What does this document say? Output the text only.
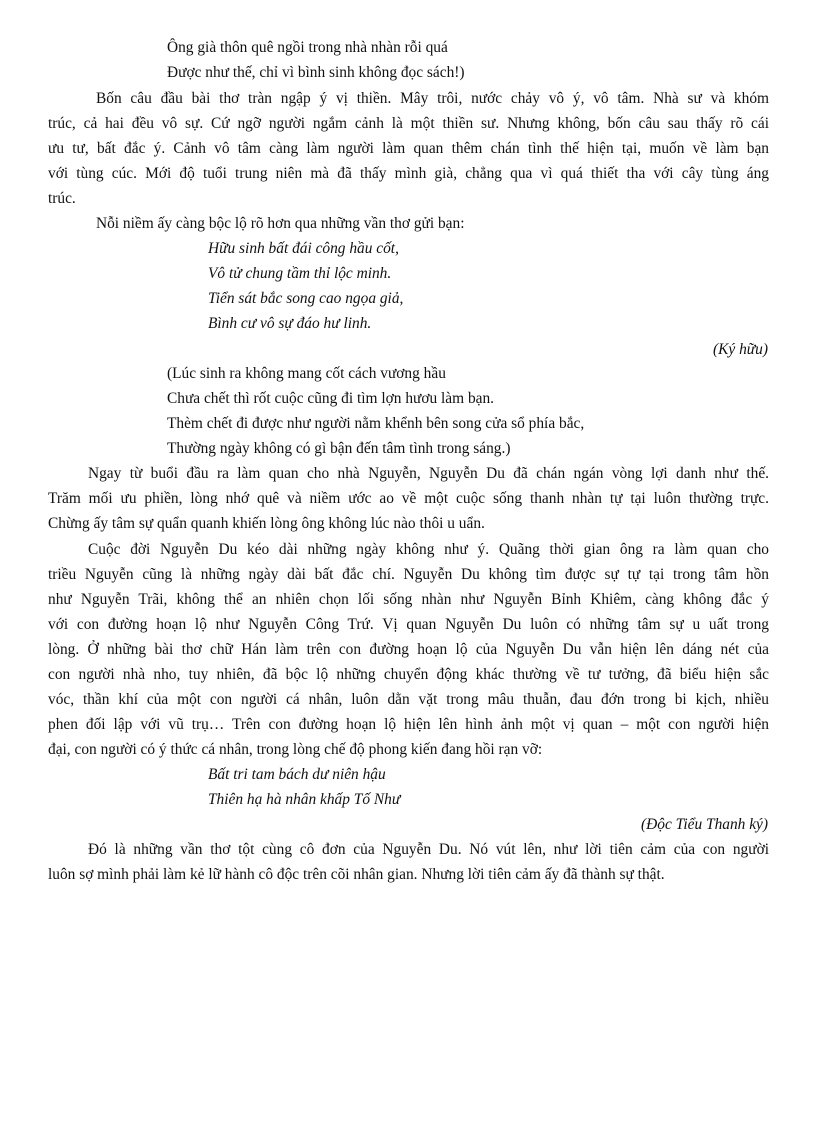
Ông già thôn quê ngồi trong nhà nhàn rỗi quá
Được như thế, chỉ vì bình sinh không đọc sách!)
Bốn câu đầu bài thơ tràn ngập ý vị thiền. Mây trôi, nước chảy vô ý, vô tâm. Nhà sư và khóm
trúc, cả hai đều vô sự. Cứ ngỡ người ngắm cảnh là một thiền sư. Nhưng không, bốn câu sau thấy rõ cái
ưu tư, bất đắc ý. Cảnh vô tâm càng làm người làm quan thêm chán tình thế hiện tại, muốn về làm bạn
với tùng cúc. Mới độ tuổi trung niên mà đã thấy mình già, chẳng qua vì quá thiết tha với cây tùng áng
trúc.
Nỗi niềm ấy càng bộc lộ rõ hơn qua những vần thơ gửi bạn:
Hữu sinh bất đái công hầu cốt,
Vô tử chung tầm thỉ lộc minh.
Tiển sát bắc song cao ngọa giả,
Bình cư vô sự đáo hư linh.
(Ký hữu)
(Lúc sinh ra không mang cốt cách vương hầu
Chưa chết thì rốt cuộc cũng đi tìm lợn hươu làm bạn.
Thèm chết đi được như người nằm khểnh bên song cửa sổ phía bắc,
Thường ngày không có gì bận đến tâm tình trong sáng.)
Ngay từ buổi đầu ra làm quan cho nhà Nguyễn, Nguyễn Du đã chán ngán vòng lợi danh như thế.
Trăm mối ưu phiền, lòng nhớ quê và niềm ước ao về một cuộc sống thanh nhàn tự tại luôn thường trực.
Chừng ấy tâm sự quẩn quanh khiến lòng ông không lúc nào thôi u uẩn.
Cuộc đời Nguyễn Du kéo dài những ngày không như ý. Quãng thời gian ông ra làm quan cho
triều Nguyễn cũng là những ngày dài bất đắc chí. Nguyễn Du không tìm được sự tự tại trong tâm hồn
như Nguyễn Trãi, không thể an nhiên chọn lối sống nhàn như Nguyễn Bỉnh Khiêm, càng không đắc ý
với con đường hoạn lộ như Nguyễn Công Trứ. Vị quan Nguyễn Du luôn có những tâm sự u uất trong
lòng. Ở những bài thơ chữ Hán làm trên con đường hoạn lộ của Nguyễn Du vẫn hiện lên dáng nét của
con người nhà nho, tuy nhiên, đã bộc lộ những chuyển động khác thường về tư tưởng, đã biểu hiện sắc
vóc, thần khí của một con người cá nhân, luôn dằn vặt trong mâu thuẫn, đau đớn trong bi kịch, nhiều
phen đối lập với vũ trụ… Trên con đường hoạn lộ hiện lên hình ảnh một vị quan – một con người hiện
đại, con người có ý thức cá nhân, trong lòng chế độ phong kiến đang hồi rạn vỡ:
Bất tri tam bách dư niên hậu
Thiên hạ hà nhân khấp Tố Như
(Độc Tiểu Thanh ký)
Đó là những vần thơ tột cùng cô đơn của Nguyễn Du. Nó vút lên, như lời tiên cảm của con người
luôn sợ mình phải làm kẻ lữ hành cô độc trên cõi nhân gian. Nhưng lời tiên cảm ấy đã thành sự thật.
